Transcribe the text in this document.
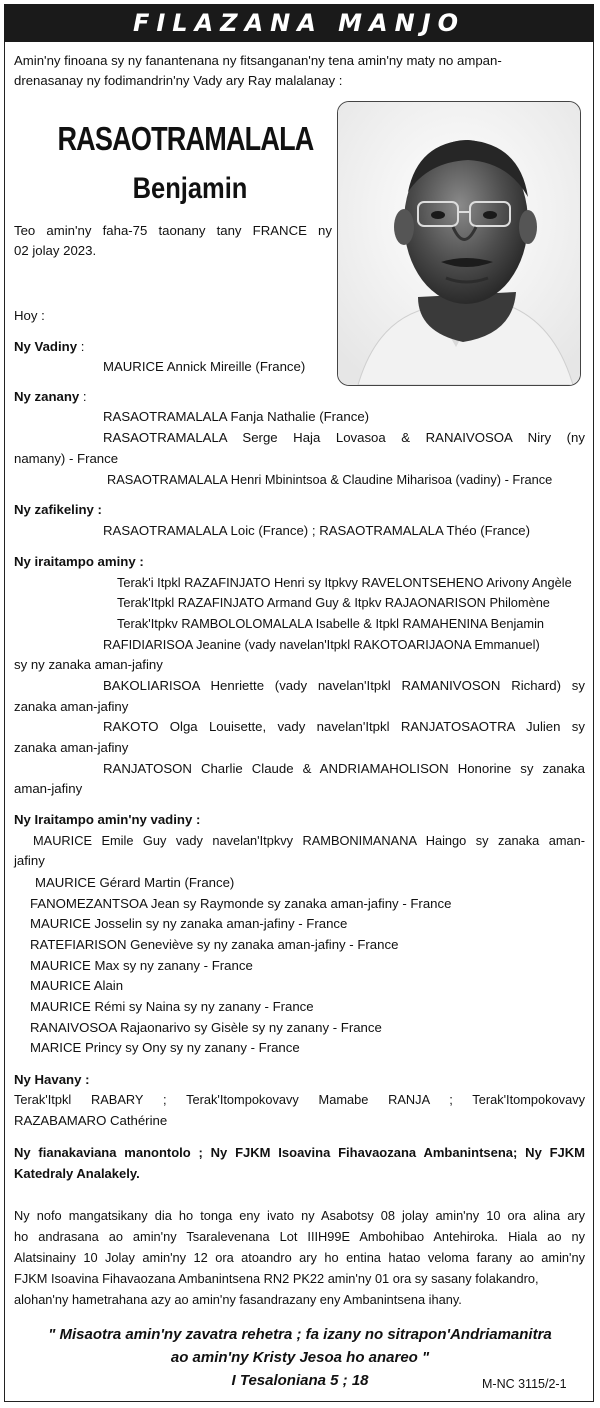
FILAZANA MANJO
Amin'ny finoana sy ny fanantenana ny fitsanganan'ny tena amin'ny maty no ampan-
drenasanay ny fodimandrin'ny Vady ary Ray malalanay :
RASAOTRAMALALA
Benjamin
Teo amin'ny faha-75 taonany tany FRANCE ny
02 jolay 2023.
Hoy :
Ny Vadiny :
MAURICE Annick Mireille (France)
Ny zanany :
RASAOTRAMALALA Fanja Nathalie (France)
RASAOTRAMALALA Serge Haja Lovasoa & RANAIVOSOA Niry (ny
namany) - France
RASAOTRAMALALA Henri Mbinintsoa & Claudine Miharisoa (vadiny) - France
Ny zafikeliny :
RASAOTRAMALALA Loic (France) ; RASAOTRAMALALA Théo (France)
Ny iraitampo aminy :
Terak'i Itpkl RAZAFINJATO Henri sy Itpkvy RAVELONTSEHENO Arivony Angèle
Terak'Itpkl RAZAFINJATO Armand Guy & Itpkv RAJAONARISON Philomène
Terak'Itpkv RAMBOLOLOMALALA Isabelle & Itpkl RAMAHENINA Benjamin
RAFIDIARISOA Jeanine (vady navelan'Itpkl RAKOTOARIJAONA Emmanuel)
sy ny zanaka aman-jafiny
BAKOLIARISOA Henriette (vady navelan'Itpkl RAMANIVOSON Richard) sy
zanaka aman-jafiny
RAKOTO Olga Louisette, vady navelan'Itpkl RANJATOSAOTRA Julien sy
zanaka aman-jafiny
RANJATOSON Charlie Claude & ANDRIAMAHOLISON Honorine sy zanaka
aman-jafiny
Ny Iraitampo amin'ny vadiny :
MAURICE Emile Guy vady navelan'Itpkvy RAMBONIMANANA Haingo sy zanaka aman-
jafiny
MAURICE Gérard Martin (France)
FANOMEZANTSOA Jean sy Raymonde sy zanaka aman-jafiny - France
MAURICE Josselin sy ny zanaka aman-jafiny - France
RATEFIARISON Geneviève sy ny zanaka aman-jafiny - France
MAURICE Max sy ny zanany - France
MAURICE Alain
MAURICE Rémi sy Naina sy ny zanany - France
RANAIVOSOA Rajaonarivo sy Gisèle sy ny zanany - France
MARICE Princy sy Ony sy ny zanany - France
Ny Havany :
Terak'Itpkl RABARY ; Terak'Itompokovavy Mamabe RANJA ; Terak'Itompokovavy
RAZABAMARO Cathérine
Ny fianakaviana manontolo ; Ny FJKM Isoavina Fihavaozana Ambanintsena; Ny FJKM
Katedraly Analakely.
Ny nofo mangatsikany dia ho tonga eny ivato ny Asabotsy 08 jolay amin'ny 10 ora alina ary
ho andrasana ao amin'ny Tsaralevenana Lot IIIH99E Ambohibao Antehiroka. Hiala ao ny
Alatsinainy 10 Jolay amin'ny 12 ora atoandro ary ho entina hatao veloma farany ao amin'ny
FJKM Isoavina Fihavaozana Ambanintsena RN2 PK22 amin'ny 01 ora sy sasany folakandro,
alohan'ny hametrahana azy ao amin'ny fasandrazany eny Ambanintsena ihany.
" Misaotra amin'ny zavatra rehetra ; fa izany no sitrapon'Andriamanitra
ao amin'ny Kristy Jesoa ho anareo "
I Tesaloniana 5 ; 18	M-NC 3115/2-1
